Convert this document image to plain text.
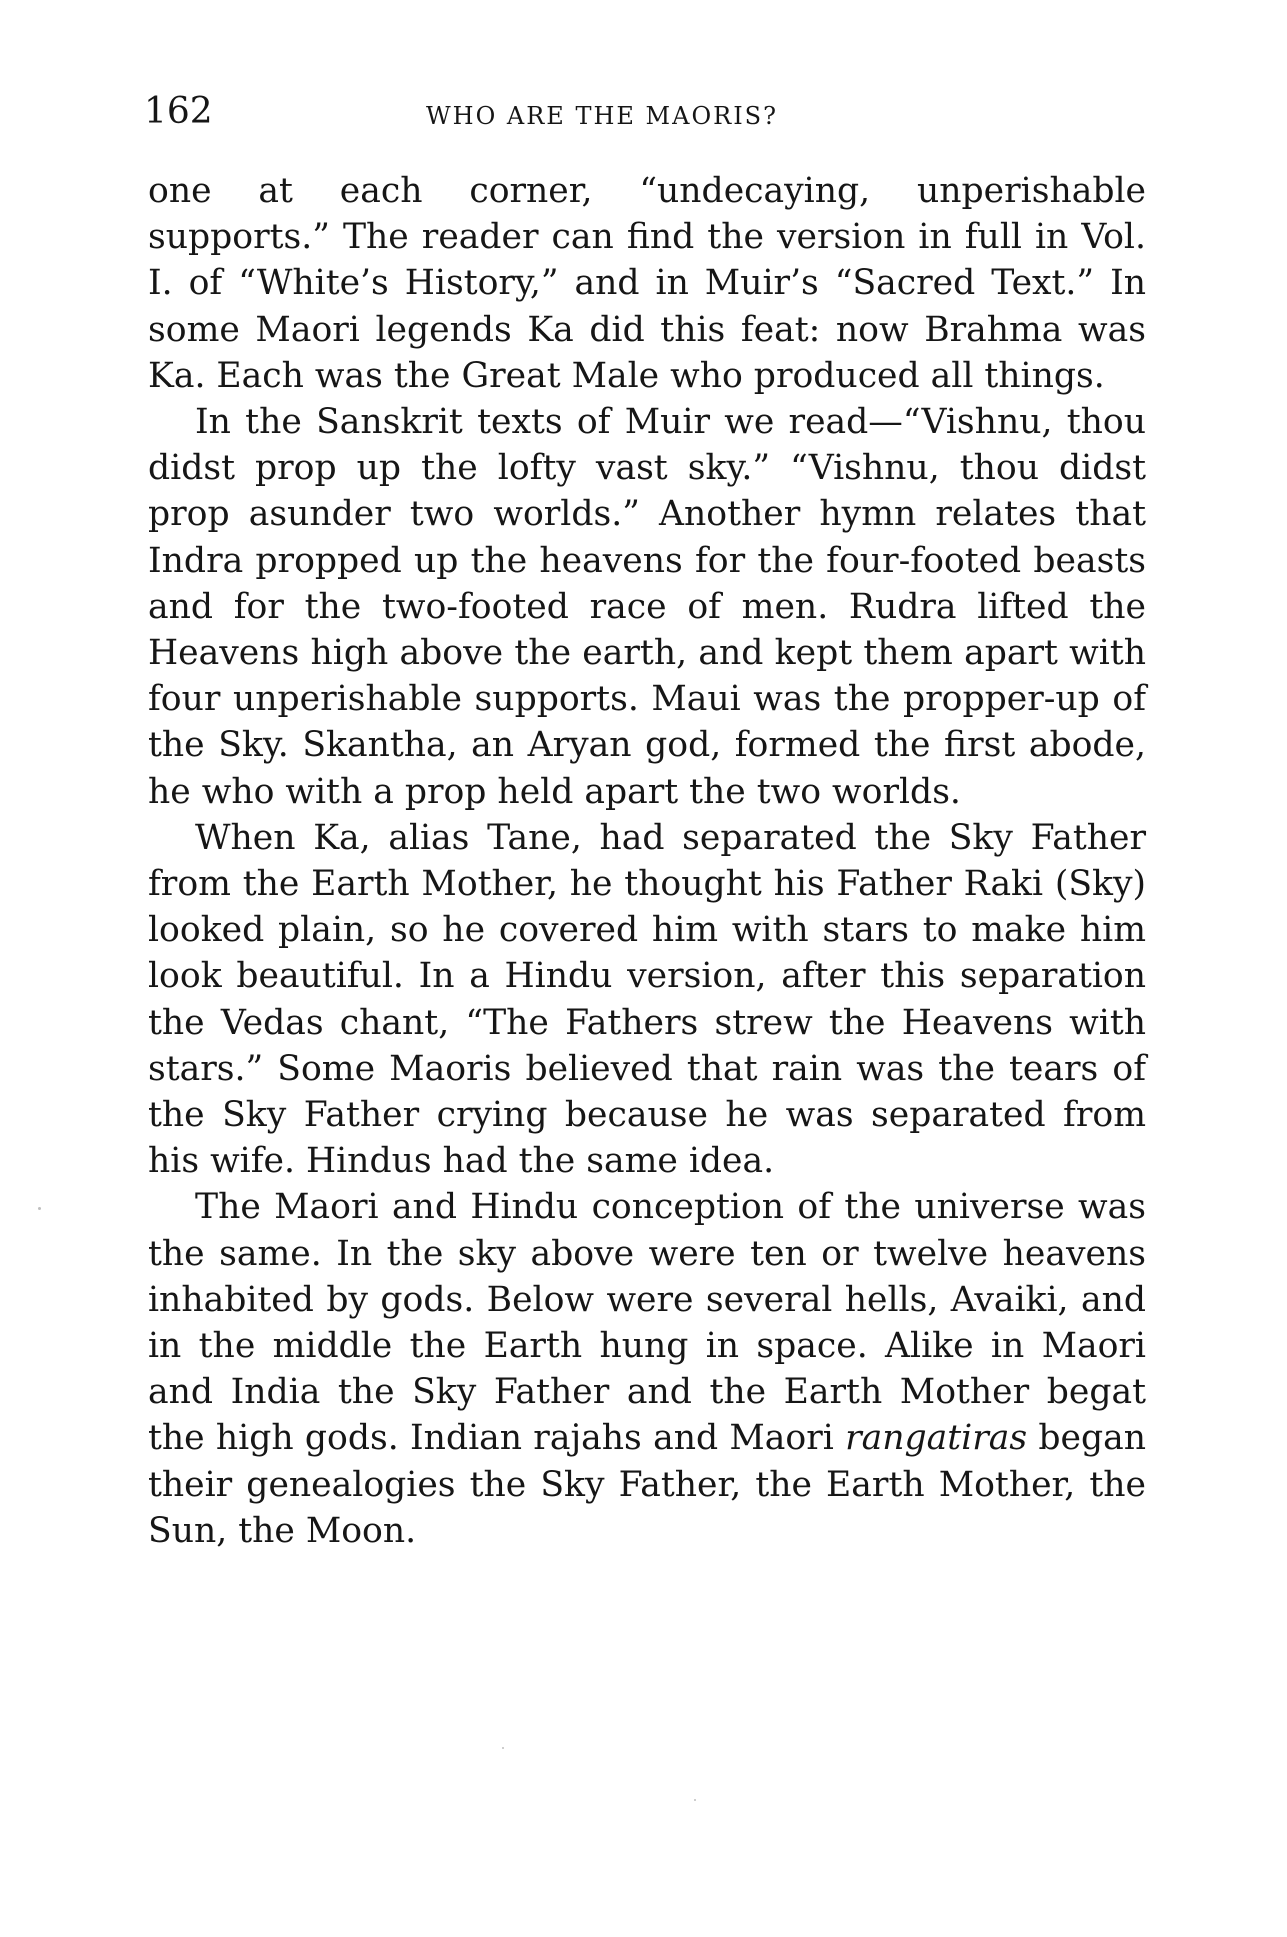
162	WHO ARE THE MAORIS?

one at each corner, “undecaying, unperishable supports.” The reader can find the version in full in Vol. I. of “White’s History,” and in Muir’s “Sacred Text.” In some Maori legends Ka did this feat: now Brahma was Ka. Each was the Great Male who produced all things.

In the Sanskrit texts of Muir we read—“Vishnu, thou didst prop up the lofty vast sky.” “Vishnu, thou didst prop asunder two worlds.” Another hymn relates that Indra propped up the heavens for the four-footed beasts and for the two-footed race of men. Rudra lifted the Heavens high above the earth, and kept them apart with four unperishable supports. Maui was the propper-up of the Sky. Skantha, an Aryan god, formed the first abode, he who with a prop held apart the two worlds.

When Ka, alias Tane, had separated the Sky Father from the Earth Mother, he thought his Father Raki (Sky) looked plain, so he covered him with stars to make him look beautiful. In a Hindu version, after this separation the Vedas chant, “The Fathers strew the Heavens with stars.” Some Maoris believed that rain was the tears of the Sky Father crying because he was separated from his wife. Hindus had the same idea.

The Maori and Hindu conception of the universe was the same. In the sky above were ten or twelve heavens inhabited by gods. Below were several hells, Avaiki, and in the middle the Earth hung in space. Alike in Maori and India the Sky Father and the Earth Mother begat the high gods. Indian rajahs and Maori rangatiras began their genealogies the Sky Father, the Earth Mother, the Sun, the Moon.
